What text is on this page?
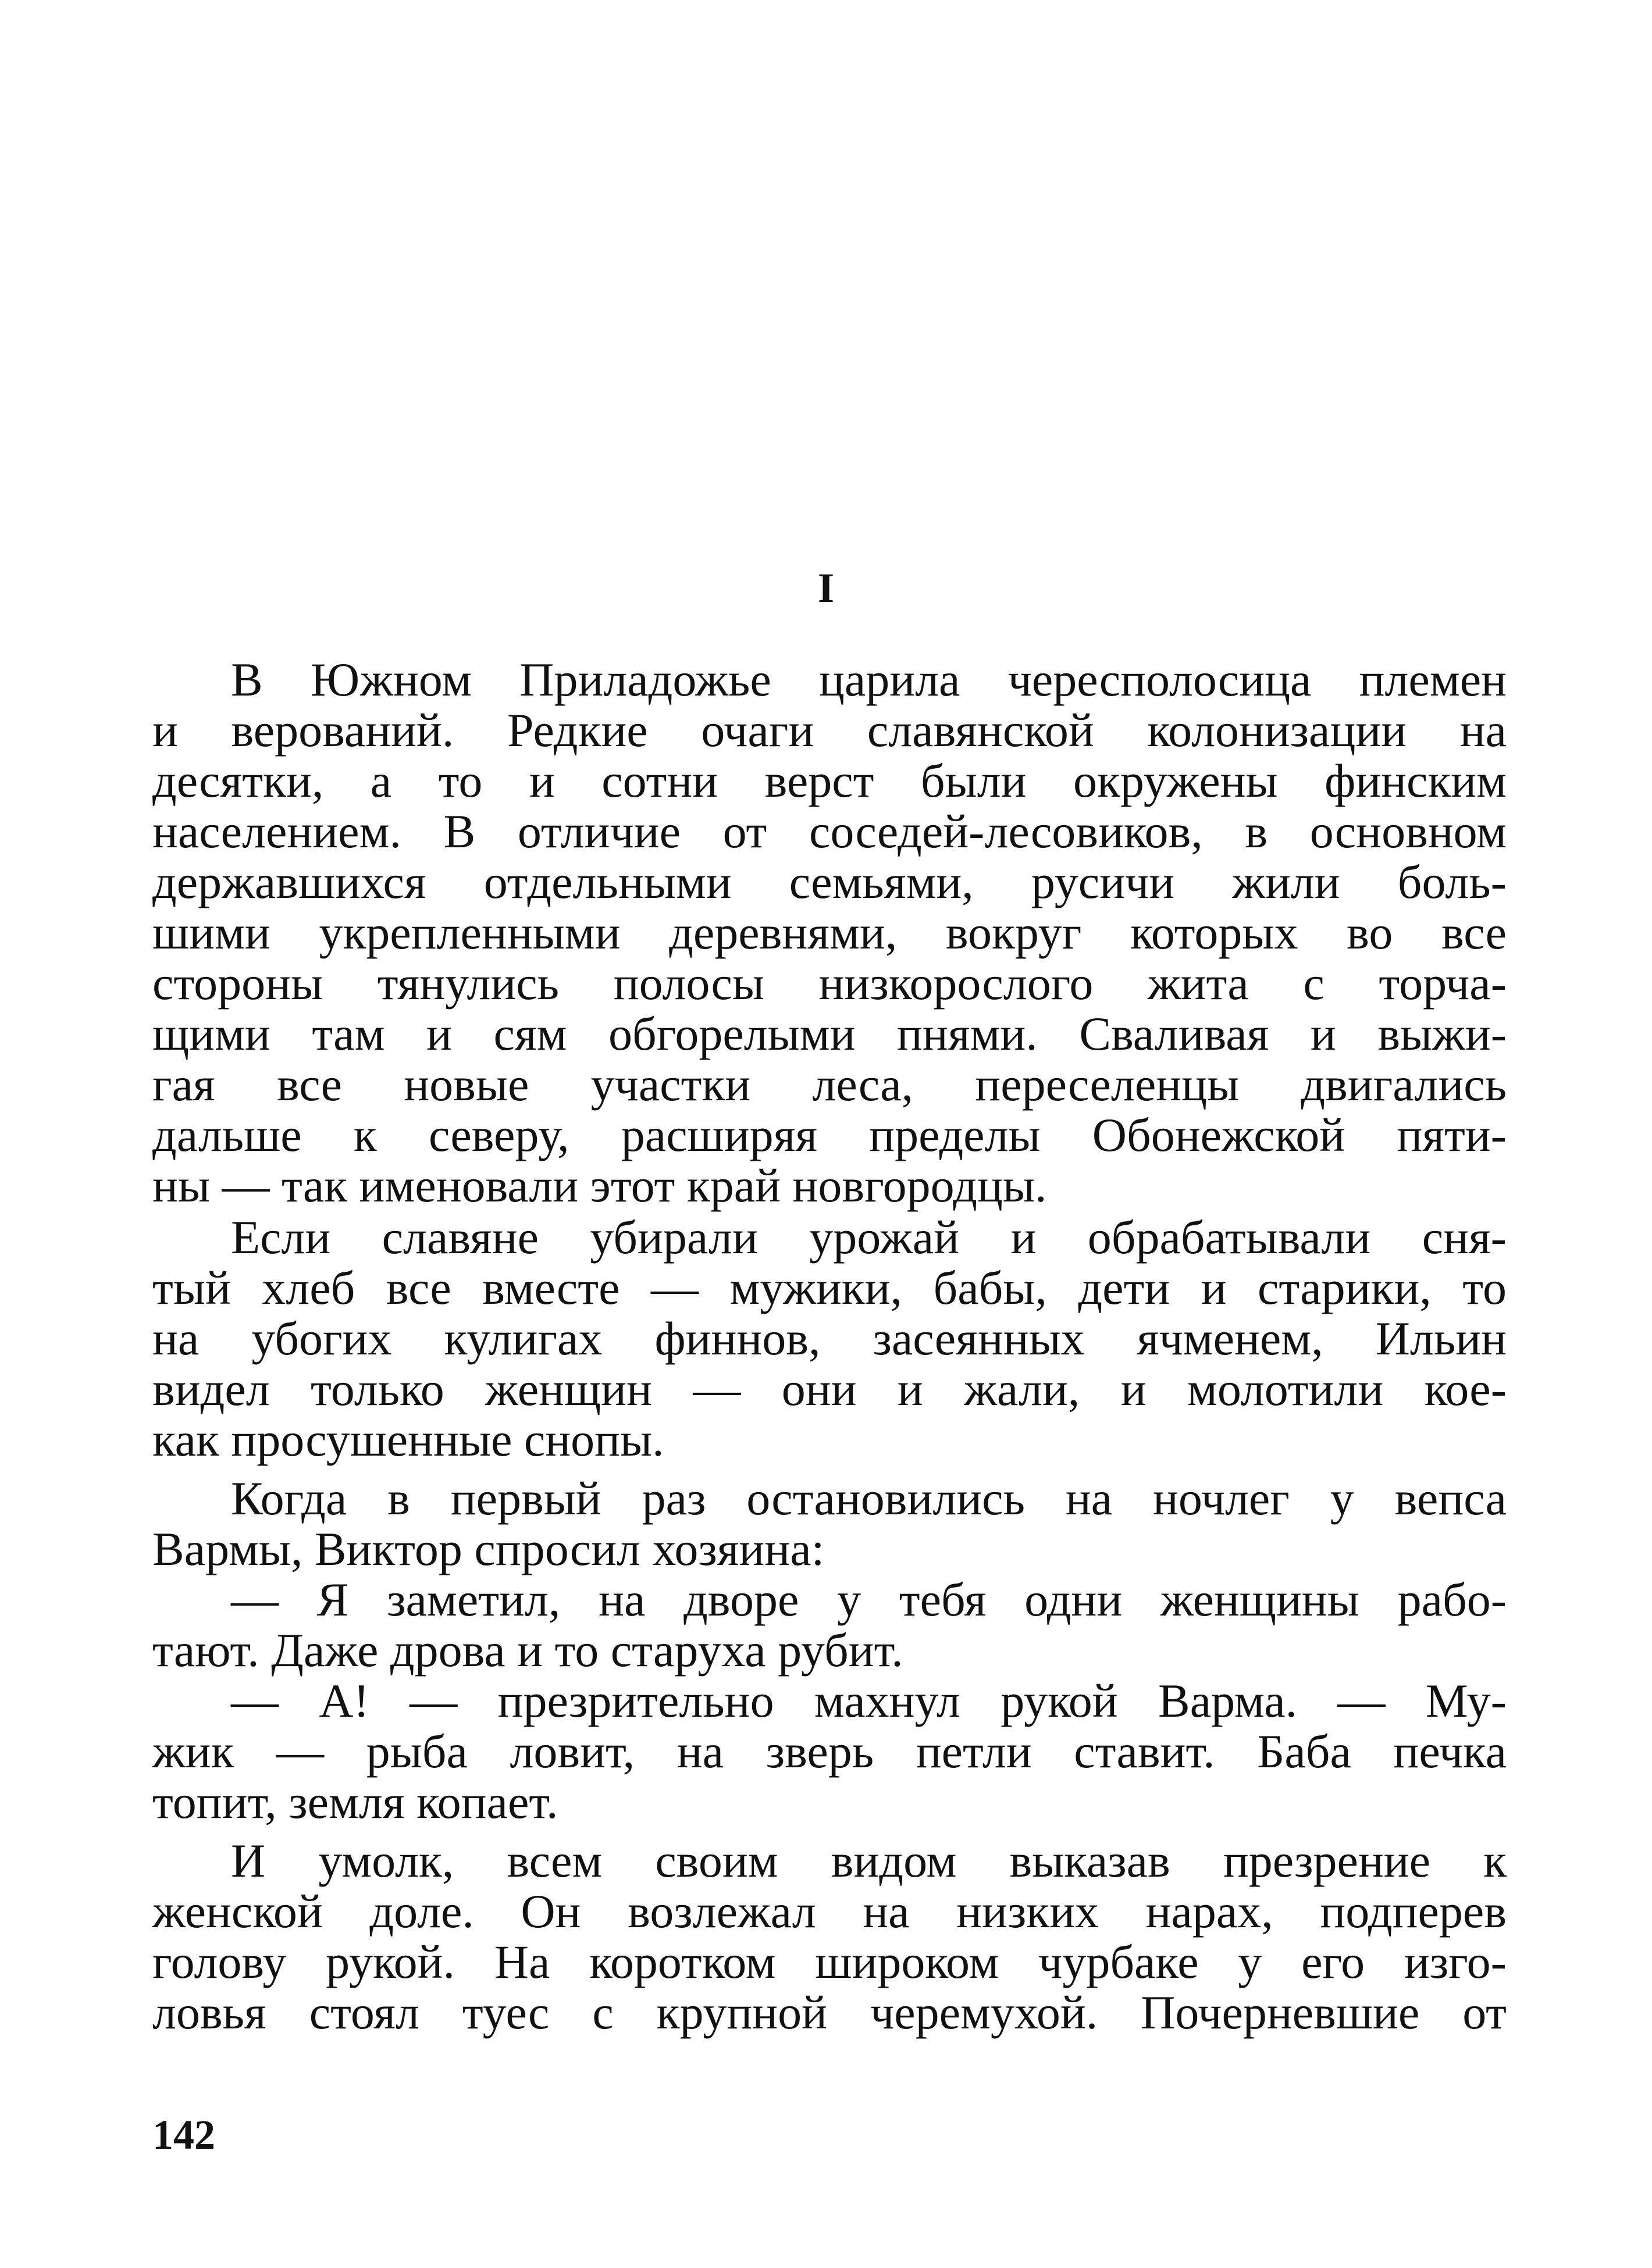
I

В Южном Приладожье царила чересполосица племен
и верований. Редкие очаги славянской колонизации на
десятки, а то и сотни верст были окружены финским
населением. В отличие от соседей-лесовиков, в основном
державшихся отдельными семьями, русичи жили боль-
шими укрепленными деревнями, вокруг которых во все
стороны тянулись полосы низкорослого жита с торча-
щими там и сям обгорелыми пнями. Сваливая и выжи-
гая все новые участки леса, переселенцы двигались
дальше к северу, расширяя пределы Обонежской пяти-
ны — так именовали этот край новгородцы.

Если славяне убирали урожай и обрабатывали сня-
тый хлеб все вместе — мужики, бабы, дети и старики, то
на убогих кулигах финнов, засеянных ячменем, Ильин
видел только женщин — они и жали, и молотили кое-
как просушенные снопы.

Когда в первый раз остановились на ночлег у вепса
Вармы, Виктор спросил хозяина:

— Я заметил, на дворе у тебя одни женщины рабо-
тают. Даже дрова и то старуха рубит.

— А! — презрительно махнул рукой Варма. — Му-
жик — рыба ловит, на зверь петли ставит. Баба печка
топит, земля копает.

И умолк, всем своим видом выказав презрение к
женской доле. Он возлежал на низких нарах, подперев
голову рукой. На коротком широком чурбаке у его изго-
ловья стоял туес с крупной черемухой. Почерневшие от

142
